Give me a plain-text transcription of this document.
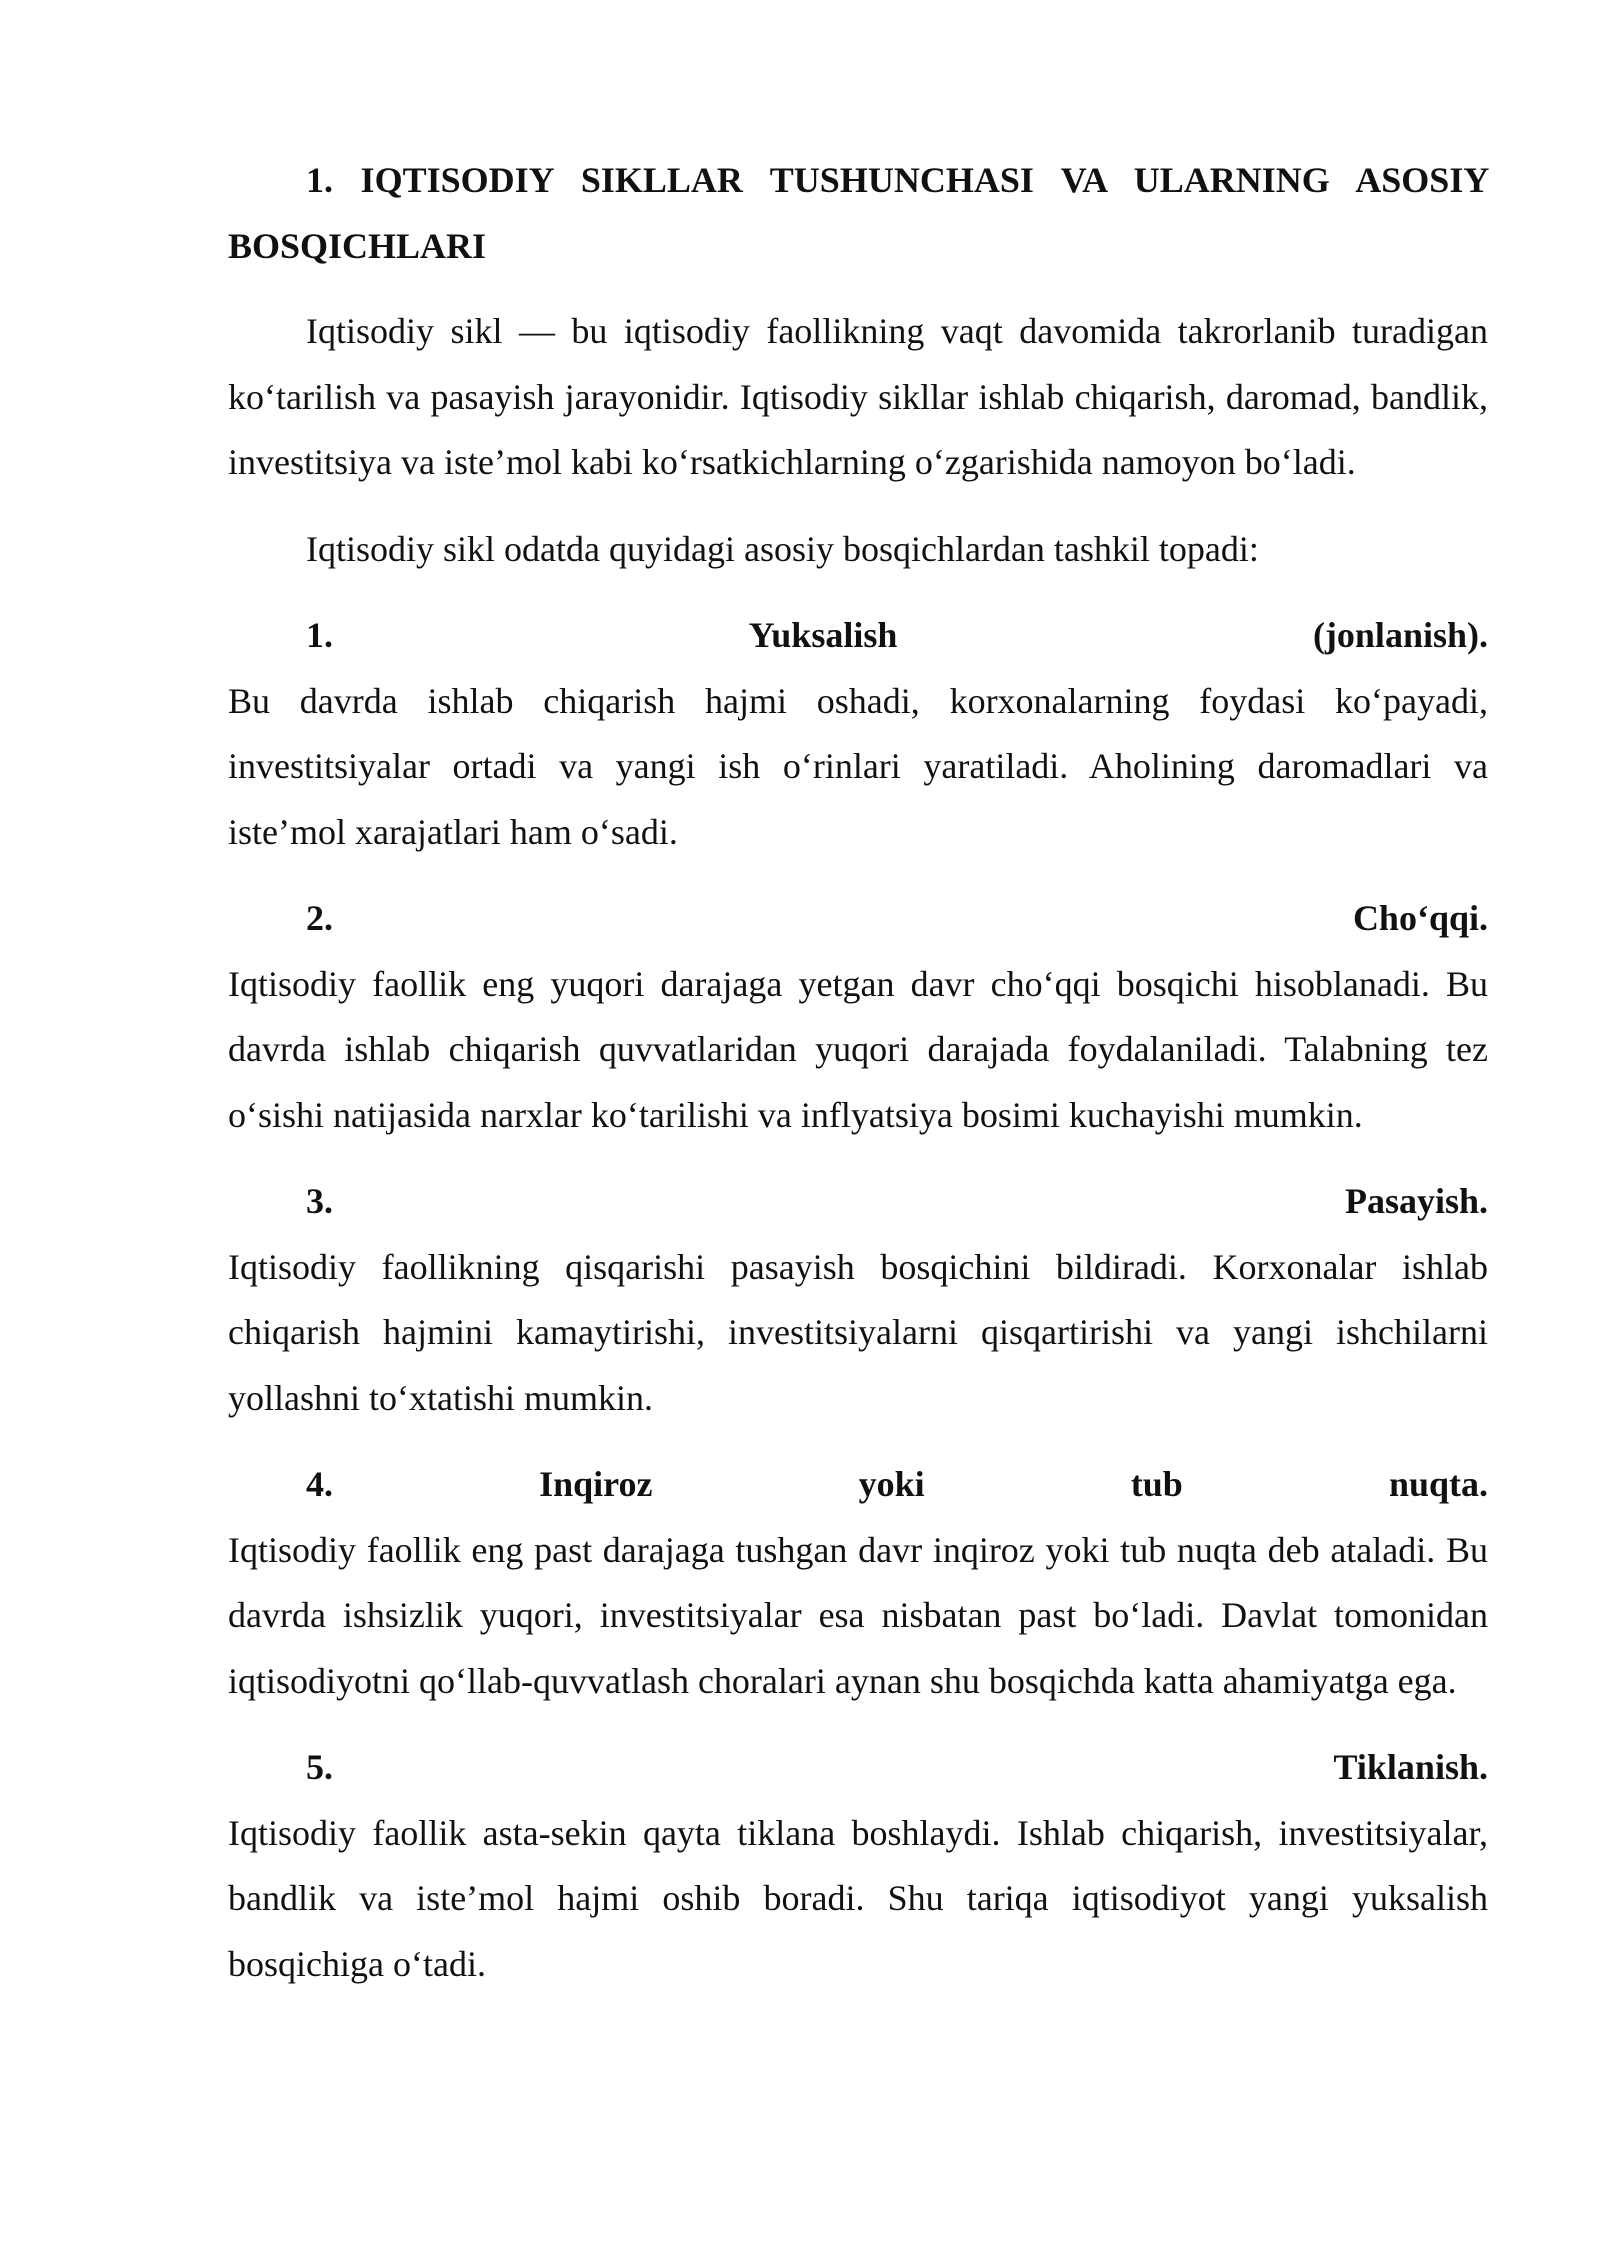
1. IQTISODIY SIKLLAR TUSHUNCHASI VA ULARNING ASOSIY BOSQICHLARI

Iqtisodiy sikl — bu iqtisodiy faollikning vaqt davomida takrorlanib turadigan ko‘tarilish va pasayish jarayonidir. Iqtisodiy sikllar ishlab chiqarish, daromad, bandlik, investitsiya va iste’mol kabi ko‘rsatkichlarning o‘zgarishida namoyon bo‘ladi.

Iqtisodiy sikl odatda quyidagi asosiy bosqichlardan tashkil topadi:

1.	Yuksalish	(jonlanish).

Bu davrda ishlab chiqarish hajmi oshadi, korxonalarning foydasi ko‘payadi, investitsiyalar ortadi va yangi ish o‘rinlari yaratiladi. Aholining daromadlari va iste’mol xarajatlari ham o‘sadi.

2.	Cho‘qqi.

Iqtisodiy faollik eng yuqori darajaga yetgan davr cho‘qqi bosqichi hisoblanadi. Bu davrda ishlab chiqarish quvvatlaridan yuqori darajada foydalaniladi. Talabning tez o‘sishi natijasida narxlar ko‘tarilishi va inflyatsiya bosimi kuchayishi mumkin.

3.	Pasayish.

Iqtisodiy faollikning qisqarishi pasayish bosqichini bildiradi. Korxonalar ishlab chiqarish hajmini kamaytirishi, investitsiyalarni qisqartirishi va yangi ishchilarni yollashni to‘xtatishi mumkin.

4.	Inqiroz	yoki	tub	nuqta.

Iqtisodiy faollik eng past darajaga tushgan davr inqiroz yoki tub nuqta deb ataladi. Bu davrda ishsizlik yuqori, investitsiyalar esa nisbatan past bo‘ladi. Davlat tomonidan iqtisodiyotni qo‘llab-quvvatlash choralari aynan shu bosqichda katta ahamiyatga ega.

5.	Tiklanish.

Iqtisodiy faollik asta-sekin qayta tiklana boshlaydi. Ishlab chiqarish, investitsiyalar, bandlik va iste’mol hajmi oshib boradi. Shu tariqa iqtisodiyot yangi yuksalish bosqichiga o‘tadi.
